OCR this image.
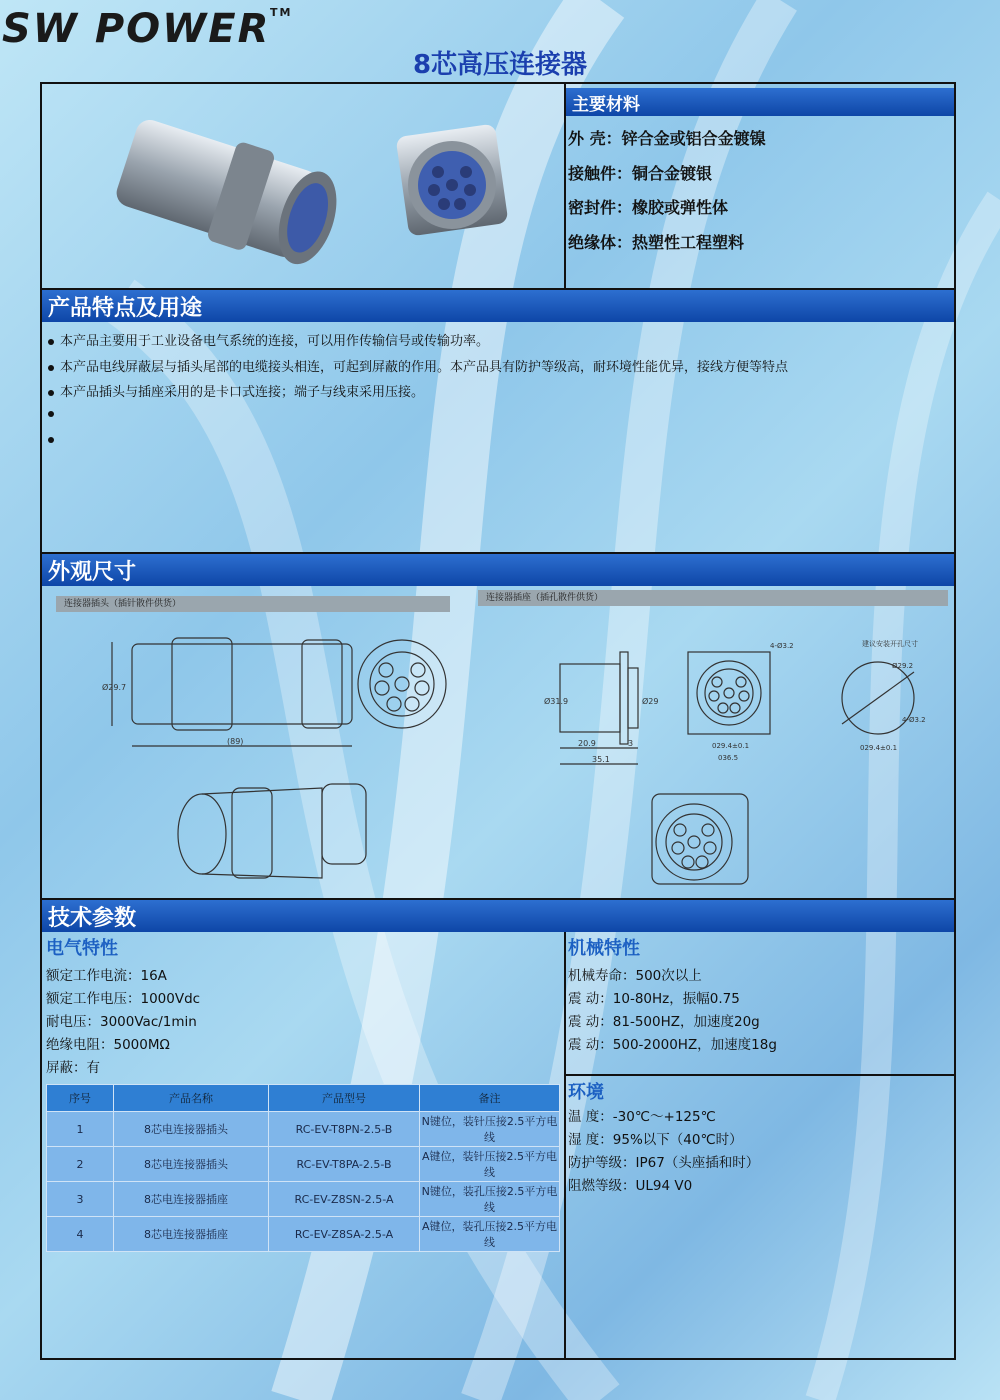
SW POWER TM
8芯高压连接器
主要材料
外 壳：锌合金或铝合金镀镍
接触件：铜合金镀银
密封件：橡胶或弹性体
绝缘体：热塑性工程塑料
产品特点及用途
本产品主要用于工业设备电气系统的连接，可以用作传输信号或传输功率。
本产品电线屏蔽层与插头尾部的电缆接头相连，可起到屏蔽的作用。本产品具有防护等级高，耐环境性能优异，接线方便等特点
本产品插头与插座采用的是卡口式连接；端子与线束采用压接。
外观尺寸
连接器插头（插针散件供货）
连接器插座（插孔散件供货）
(89)
Ø29.7
20.9	3
35.1
Ø31.9	Ø29
029.4±0.1
036.5
4-Ø3.2	建议安装开孔尺寸
Ø29.2
4-Ø3.2
029.4±0.1
技术参数
电气特性
额定工作电流：16A
额定工作电压：1000Vdc
耐电压：3000Vac/1min
绝缘电阻：5000MΩ
屏蔽：有
序号	产品名称	产品型号	备注
1	8芯电连接器插头	RC-EV-T8PN-2.5-B	N键位，装针压接2.5平方电线
2	8芯电连接器插头	RC-EV-T8PA-2.5-B	A键位，装针压接2.5平方电线
3	8芯电连接器插座	RC-EV-Z8SN-2.5-A	N键位，装孔压接2.5平方电线
4	8芯电连接器插座	RC-EV-Z8SA-2.5-A	A键位，装孔压接2.5平方电线
机械特性
机械寿命：500次以上
震 动：10-80Hz，振幅0.75
震 动：81-500HZ，加速度20g
震 动：500-2000HZ，加速度18g
环境
温 度：-30℃～+125℃
湿 度：95%以下（40℃时）
防护等级：IP67（头座插和时）
阻燃等级：UL94 V0
